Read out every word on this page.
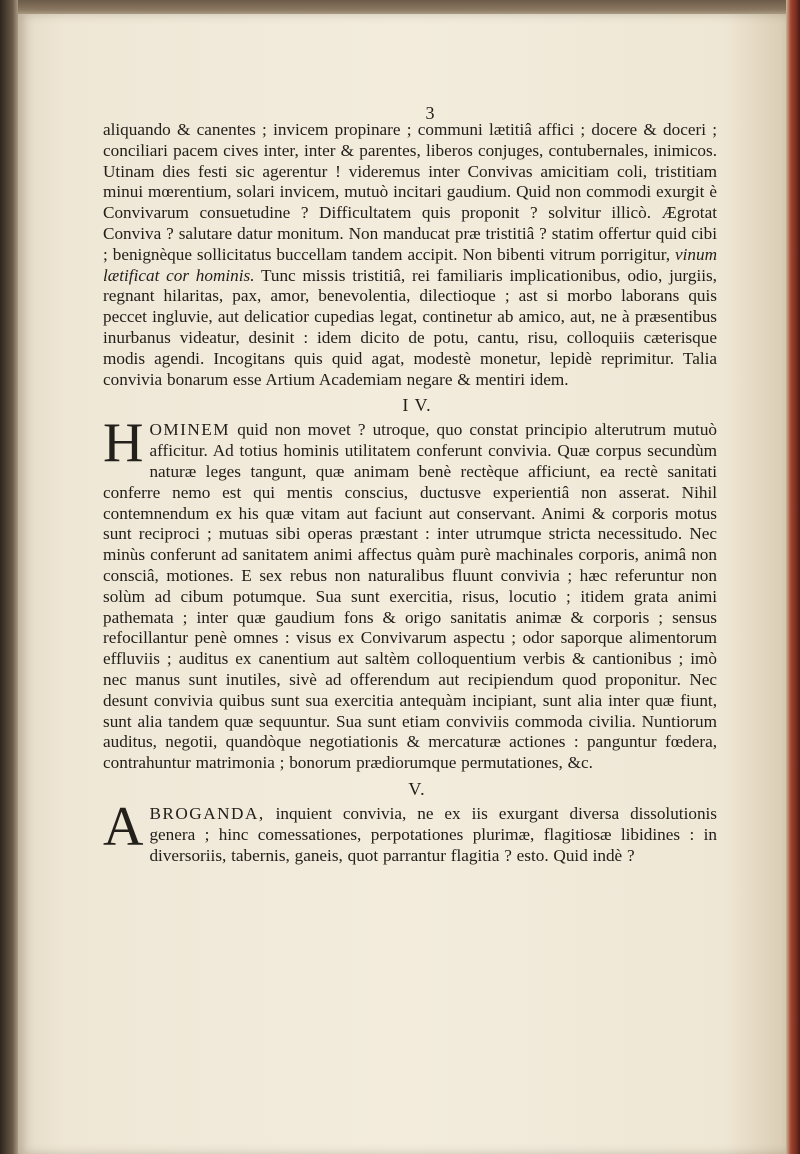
3

aliquando & canentes ; invicem propinare ; communi lætitiâ affici ; docere & doceri ; conciliari pacem cives inter, inter & parentes, liberos conjuges, contubernales, inimicos. Utinam dies festi sic agerentur ! videremus inter Convivas amicitiam coli, tristitiam minui mœrentium, solari invicem, mutuò incitari gaudium. Quid non commodi exurgit è Convivarum consuetudine ? Difficultatem quis proponit ? solvitur illicò. Ægrotat Conviva ? salutare datur monitum. Non manducat præ tristitiâ ? statim offertur quid cibi ; benignèque sollicitatus buccellam tandem accipit. Non bibenti vitrum porrigitur, vinum lætificat cor hominis. Tunc missis tristitiâ, rei familiaris implicationibus, odio, jurgiis, regnant hilaritas, pax, amor, benevolentia, dilectioque ; ast si morbo laborans quis peccet ingluvie, aut delicatior cupedias legat, continetur ab amico, aut, ne à præsentibus inurbanus videatur, desinit : idem dicito de potu, cantu, risu, colloquiis cæterisque modis agendi. Incogitans quis quid agat, modestè monetur, lepidè reprimitur. Talia convivia bonarum esse Artium Academiam negare & mentiri idem.

I V.

HOMINEM quid non movet ? utroque, quo constat principio alterutrum mutuò afficitur. Ad totius hominis utilitatem conferunt convivia. Quæ corpus secundùm naturæ leges tangunt, quæ animam benè rectèque afficiunt, ea rectè sanitati conferre nemo est qui mentis conscius, ductusve experientiâ non asserat. Nihil contemnendum ex his quæ vitam aut faciunt aut conservant. Animi & corporis motus sunt reciproci ; mutuas sibi operas præstant : inter utrumque stricta necessitudo. Nec minùs conferunt ad sanitatem animi affectus quàm purè machinales corporis, animâ non consciâ, motiones. E sex rebus non naturalibus fluunt convivia ; hæc referuntur non solùm ad cibum potumque. Sua sunt exercitia, risus, locutio ; itidem grata animi pathemata ; inter quæ gaudium fons & origo sanitatis animæ & corporis ; sensus refocillantur penè omnes : visus ex Convivarum aspectu ; odor saporque alimentorum effluviis ; auditus ex canentium aut saltèm colloquentium verbis & cantionibus ; imò nec manus sunt inutiles, sivè ad offerendum aut recipiendum quod proponitur. Nec desunt convivia quibus sunt sua exercitia antequàm incipiant, sunt alia inter quæ fiunt, sunt alia tandem quæ sequuntur. Sua sunt etiam conviviis commoda civilia. Nuntiorum auditus, negotii, quandòque negotiationis & mercaturæ actiones : panguntur fœdera, contrahuntur matrimonia ; bonorum prædiorumque permutationes, &c.

V.

ABROGANDA, inquient convivia, ne ex iis exurgant diversa dissolutionis genera ; hinc comessationes, perpotationes plurimæ, flagitiosæ libidines : in diversoriis, tabernis, ganeis, quot parrantur flagitia ? esto. Quid indè ?
